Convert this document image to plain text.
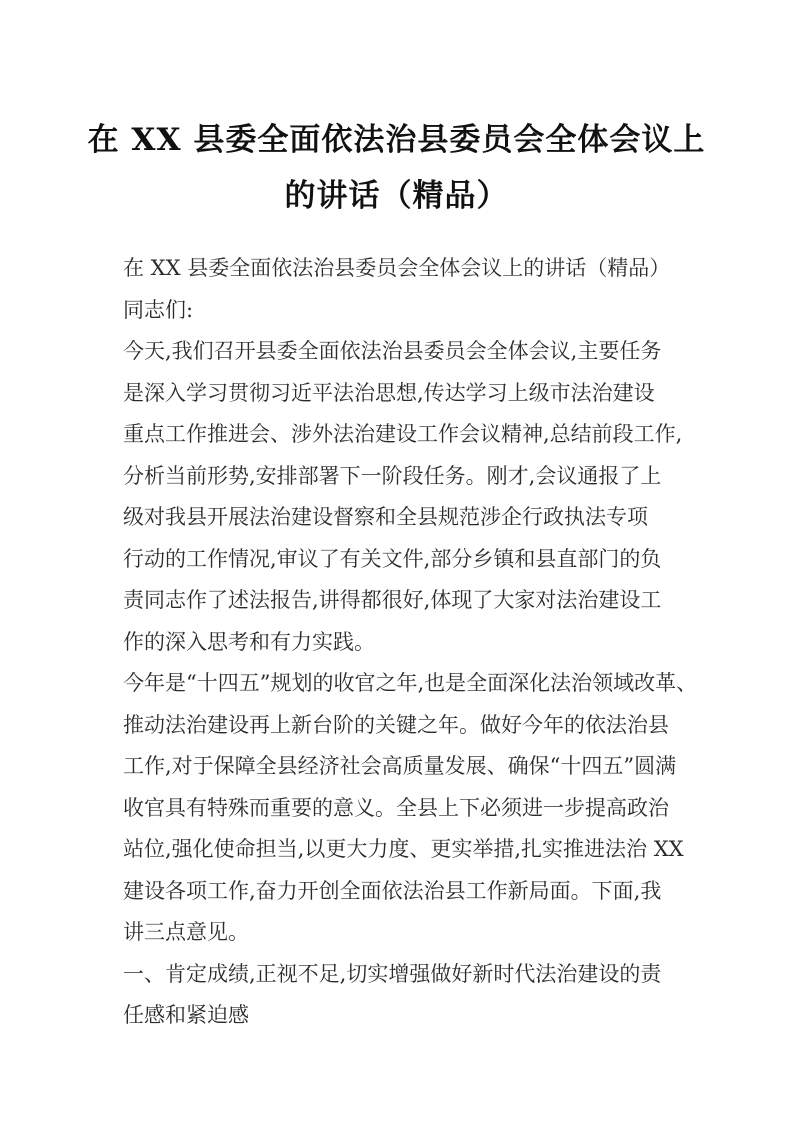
在 XX 县委全面依法治县委员会全体会议上
的讲话（精品）
在 XX 县委全面依法治县委员会全体会议上的讲话（精品）
同志们:
今天,我们召开县委全面依法治县委员会全体会议,主要任务
是深入学习贯彻习近平法治思想,传达学习上级市法治建设
重点工作推进会、涉外法治建设工作会议精神,总结前段工作,
分析当前形势,安排部署下一阶段任务。刚才,会议通报了上
级对我县开展法治建设督察和全县规范涉企行政执法专项
行动的工作情况,审议了有关文件,部分乡镇和县直部门的负
责同志作了述法报告,讲得都很好,体现了大家对法治建设工
作的深入思考和有力实践。
今年是“十四五”规划的收官之年,也是全面深化法治领域改革、
推动法治建设再上新台阶的关键之年。做好今年的依法治县
工作,对于保障全县经济社会高质量发展、确保“十四五”圆满
收官具有特殊而重要的意义。全县上下必须进一步提高政治
站位,强化使命担当,以更大力度、更实举措,扎实推进法治 XX
建设各项工作,奋力开创全面依法治县工作新局面。下面,我
讲三点意见。
一、肯定成绩,正视不足,切实增强做好新时代法治建设的责
任感和紧迫感
